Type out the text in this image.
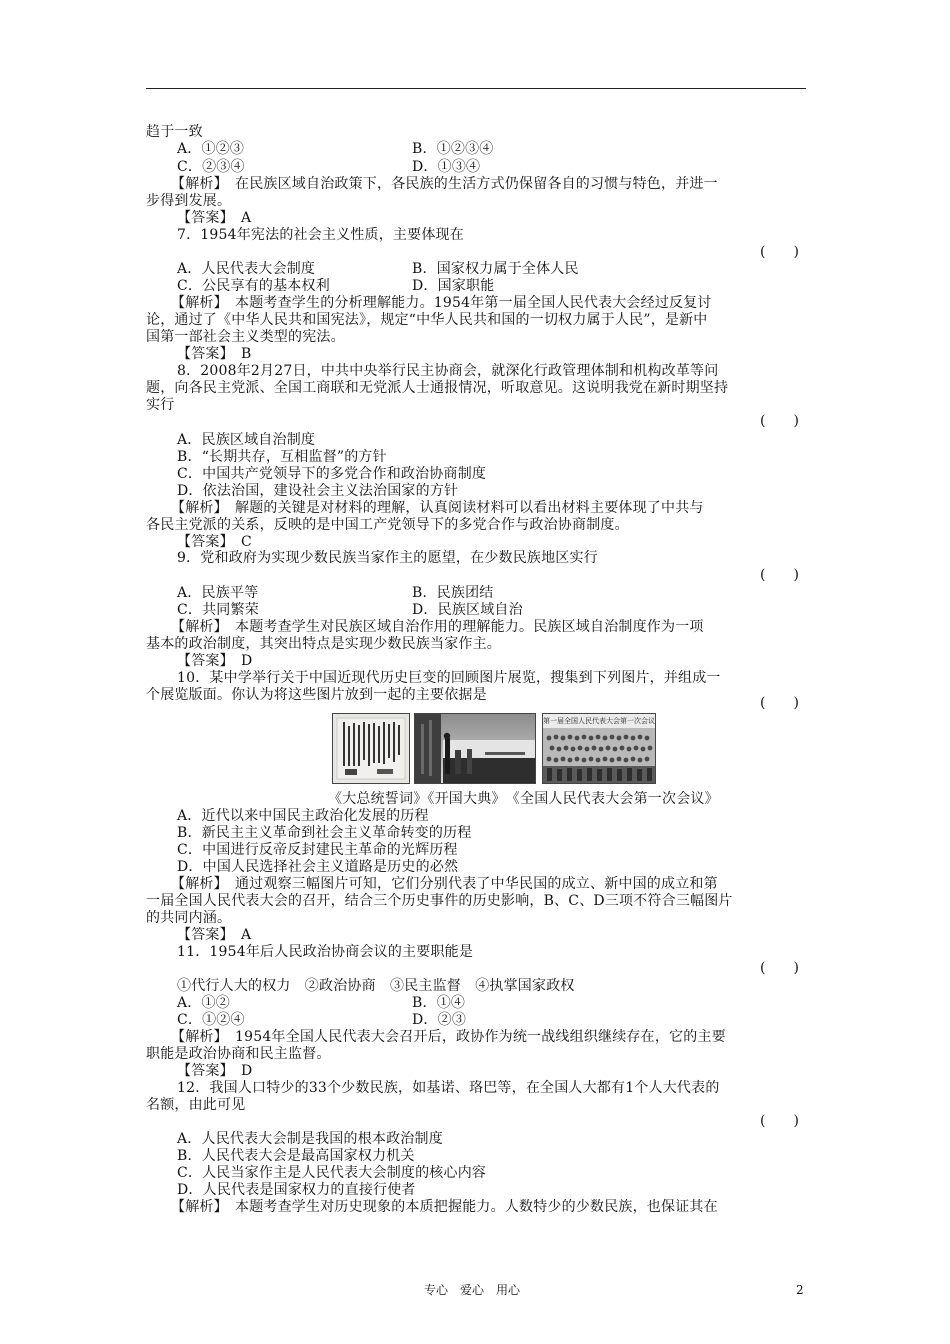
趋于一致
A．①②③	B．①②③④
C．②③④	D．①③④
【解析】　在民族区域自治政策下，各民族的生活方式仍保留各自的习惯与特色，并进一
步得到发展。
【答案】　A
7．1954年宪法的社会主义性质，主要体现在
(　　)
A．人民代表大会制度	B．国家权力属于全体人民
C．公民享有的基本权利	D．国家职能
【解析】　本题考查学生的分析理解能力。1954年第一届全国人民代表大会经过反复讨
论，通过了《中华人民共和国宪法》，规定“中华人民共和国的一切权力属于人民”，是新中
国第一部社会主义类型的宪法。
【答案】　B
8．2008年2月27日，中共中央举行民主协商会，就深化行政管理体制和机构改革等问
题，向各民主党派、全国工商联和无党派人士通报情况，听取意见。这说明我党在新时期坚持
实行
(　　)
A．民族区域自治制度
B．“长期共存，互相监督”的方针
C．中国共产党领导下的多党合作和政治协商制度
D．依法治国，建设社会主义法治国家的方针
【解析】　解题的关键是对材料的理解，认真阅读材料可以看出材料主要体现了中共与
各民主党派的关系，反映的是中国工产党领导下的多党合作与政治协商制度。
【答案】　C
9．党和政府为实现少数民族当家作主的愿望，在少数民族地区实行
(　　)
A．民族平等	B．民族团结
C．共同繁荣	D．民族区域自治
【解析】　本题考查学生对民族区域自治作用的理解能力。民族区域自治制度作为一项
基本的政治制度，其突出特点是实现少数民族当家作主。
【答案】　D
10．某中学举行关于中国近现代历史巨变的回顾图片展览，搜集到下列图片，并组成一
个展览版面。你认为将这些图片放到一起的主要依据是	(　　)
第一届全国人民代表大会第一次会议
《大总统誓词》《开国大典》　《全国人民代表大会第一次会议》
A．近代以来中国民主政治化发展的历程
B．新民主主义革命到社会主义革命转变的历程
C．中国进行反帝反封建民主革命的光辉历程
D．中国人民选择社会主义道路是历史的必然
【解析】　通过观察三幅图片可知，它们分别代表了中华民国的成立、新中国的成立和第
一届全国人民代表大会的召开，结合三个历史事件的历史影响，B、C、D三项不符合三幅图片
的共同内涵。
【答案】　A
11．1954年后人民政治协商会议的主要职能是
(　　)
①代行人大的权力　②政治协商　③民主监督　④执掌国家政权
A．①②	B．①④
C．①②④	D．②③
【解析】　1954年全国人民代表大会召开后，政协作为统一战线组织继续存在，它的主要
职能是政治协商和民主监督。
【答案】　D
12．我国人口特少的33个少数民族，如基诺、珞巴等，在全国人大都有1个人大代表的
名额，由此可见
(　　)
A．人民代表大会制是我国的根本政治制度
B．人民代表大会是最高国家权力机关
C．人民当家作主是人民代表大会制度的核心内容
D．人民代表是国家权力的直接行使者
【解析】　本题考查学生对历史现象的本质把握能力。人数特少的少数民族，也保证其在
专心　爱心　用心	2
